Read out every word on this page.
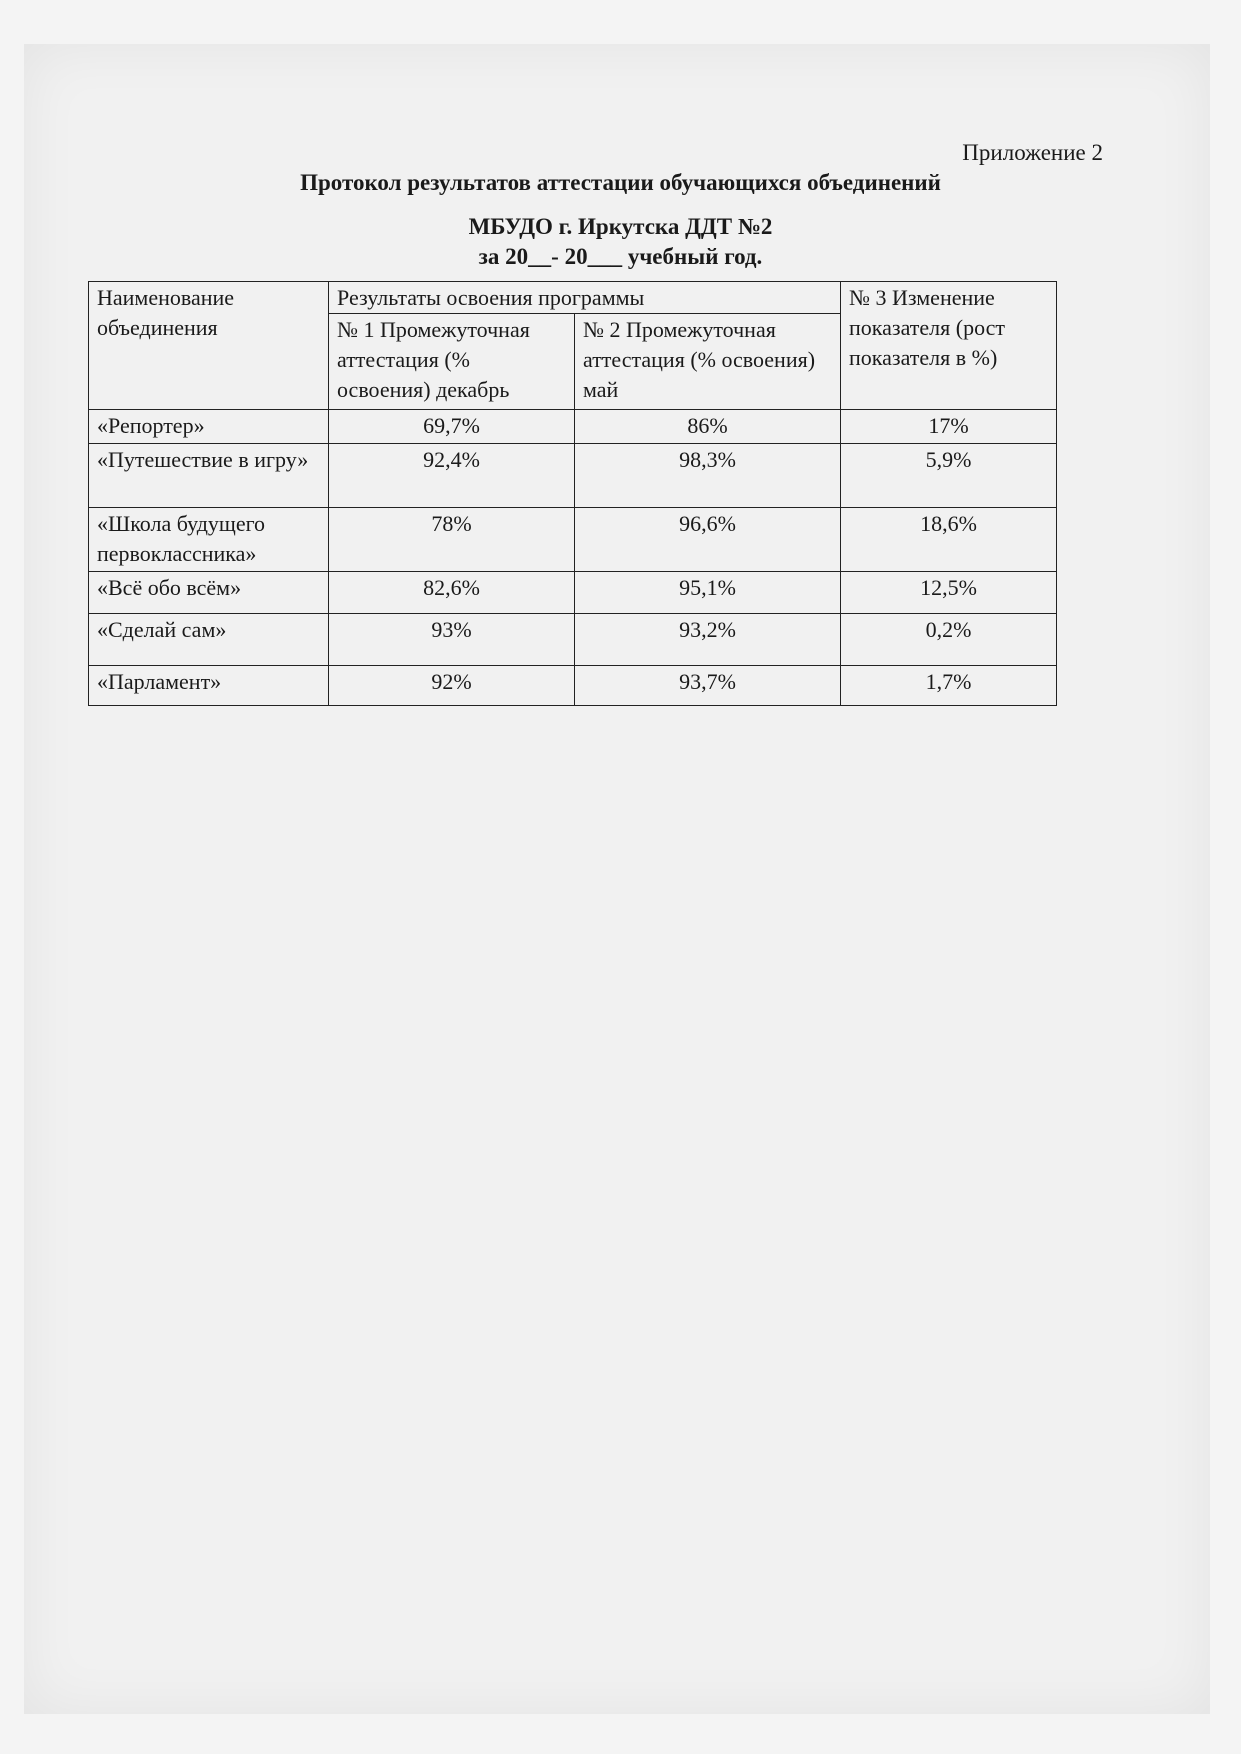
Приложение 2
Протокол результатов аттестации обучающихся объединений
МБУДО г. Иркутска ДДТ №2
за 20__- 20___ учебный год.
Наименование объединения	Результаты освоения программы		№ 3 Изменение показателя (рост показателя в %)
	№ 1 Промежуточная аттестация (% освоения) декабрь	№ 2 Промежуточная аттестация (% освоения) май	
«Репортер»	69,7%	86%	17%
«Путешествие в игру»	92,4%	98,3%	5,9%
«Школа будущего первоклассника»	78%	96,6%	18,6%
«Всё обо всём»	82,6%	95,1%	12,5%
«Сделай сам»	93%	93,2%	0,2%
«Парламент»	92%	93,7%	1,7%
